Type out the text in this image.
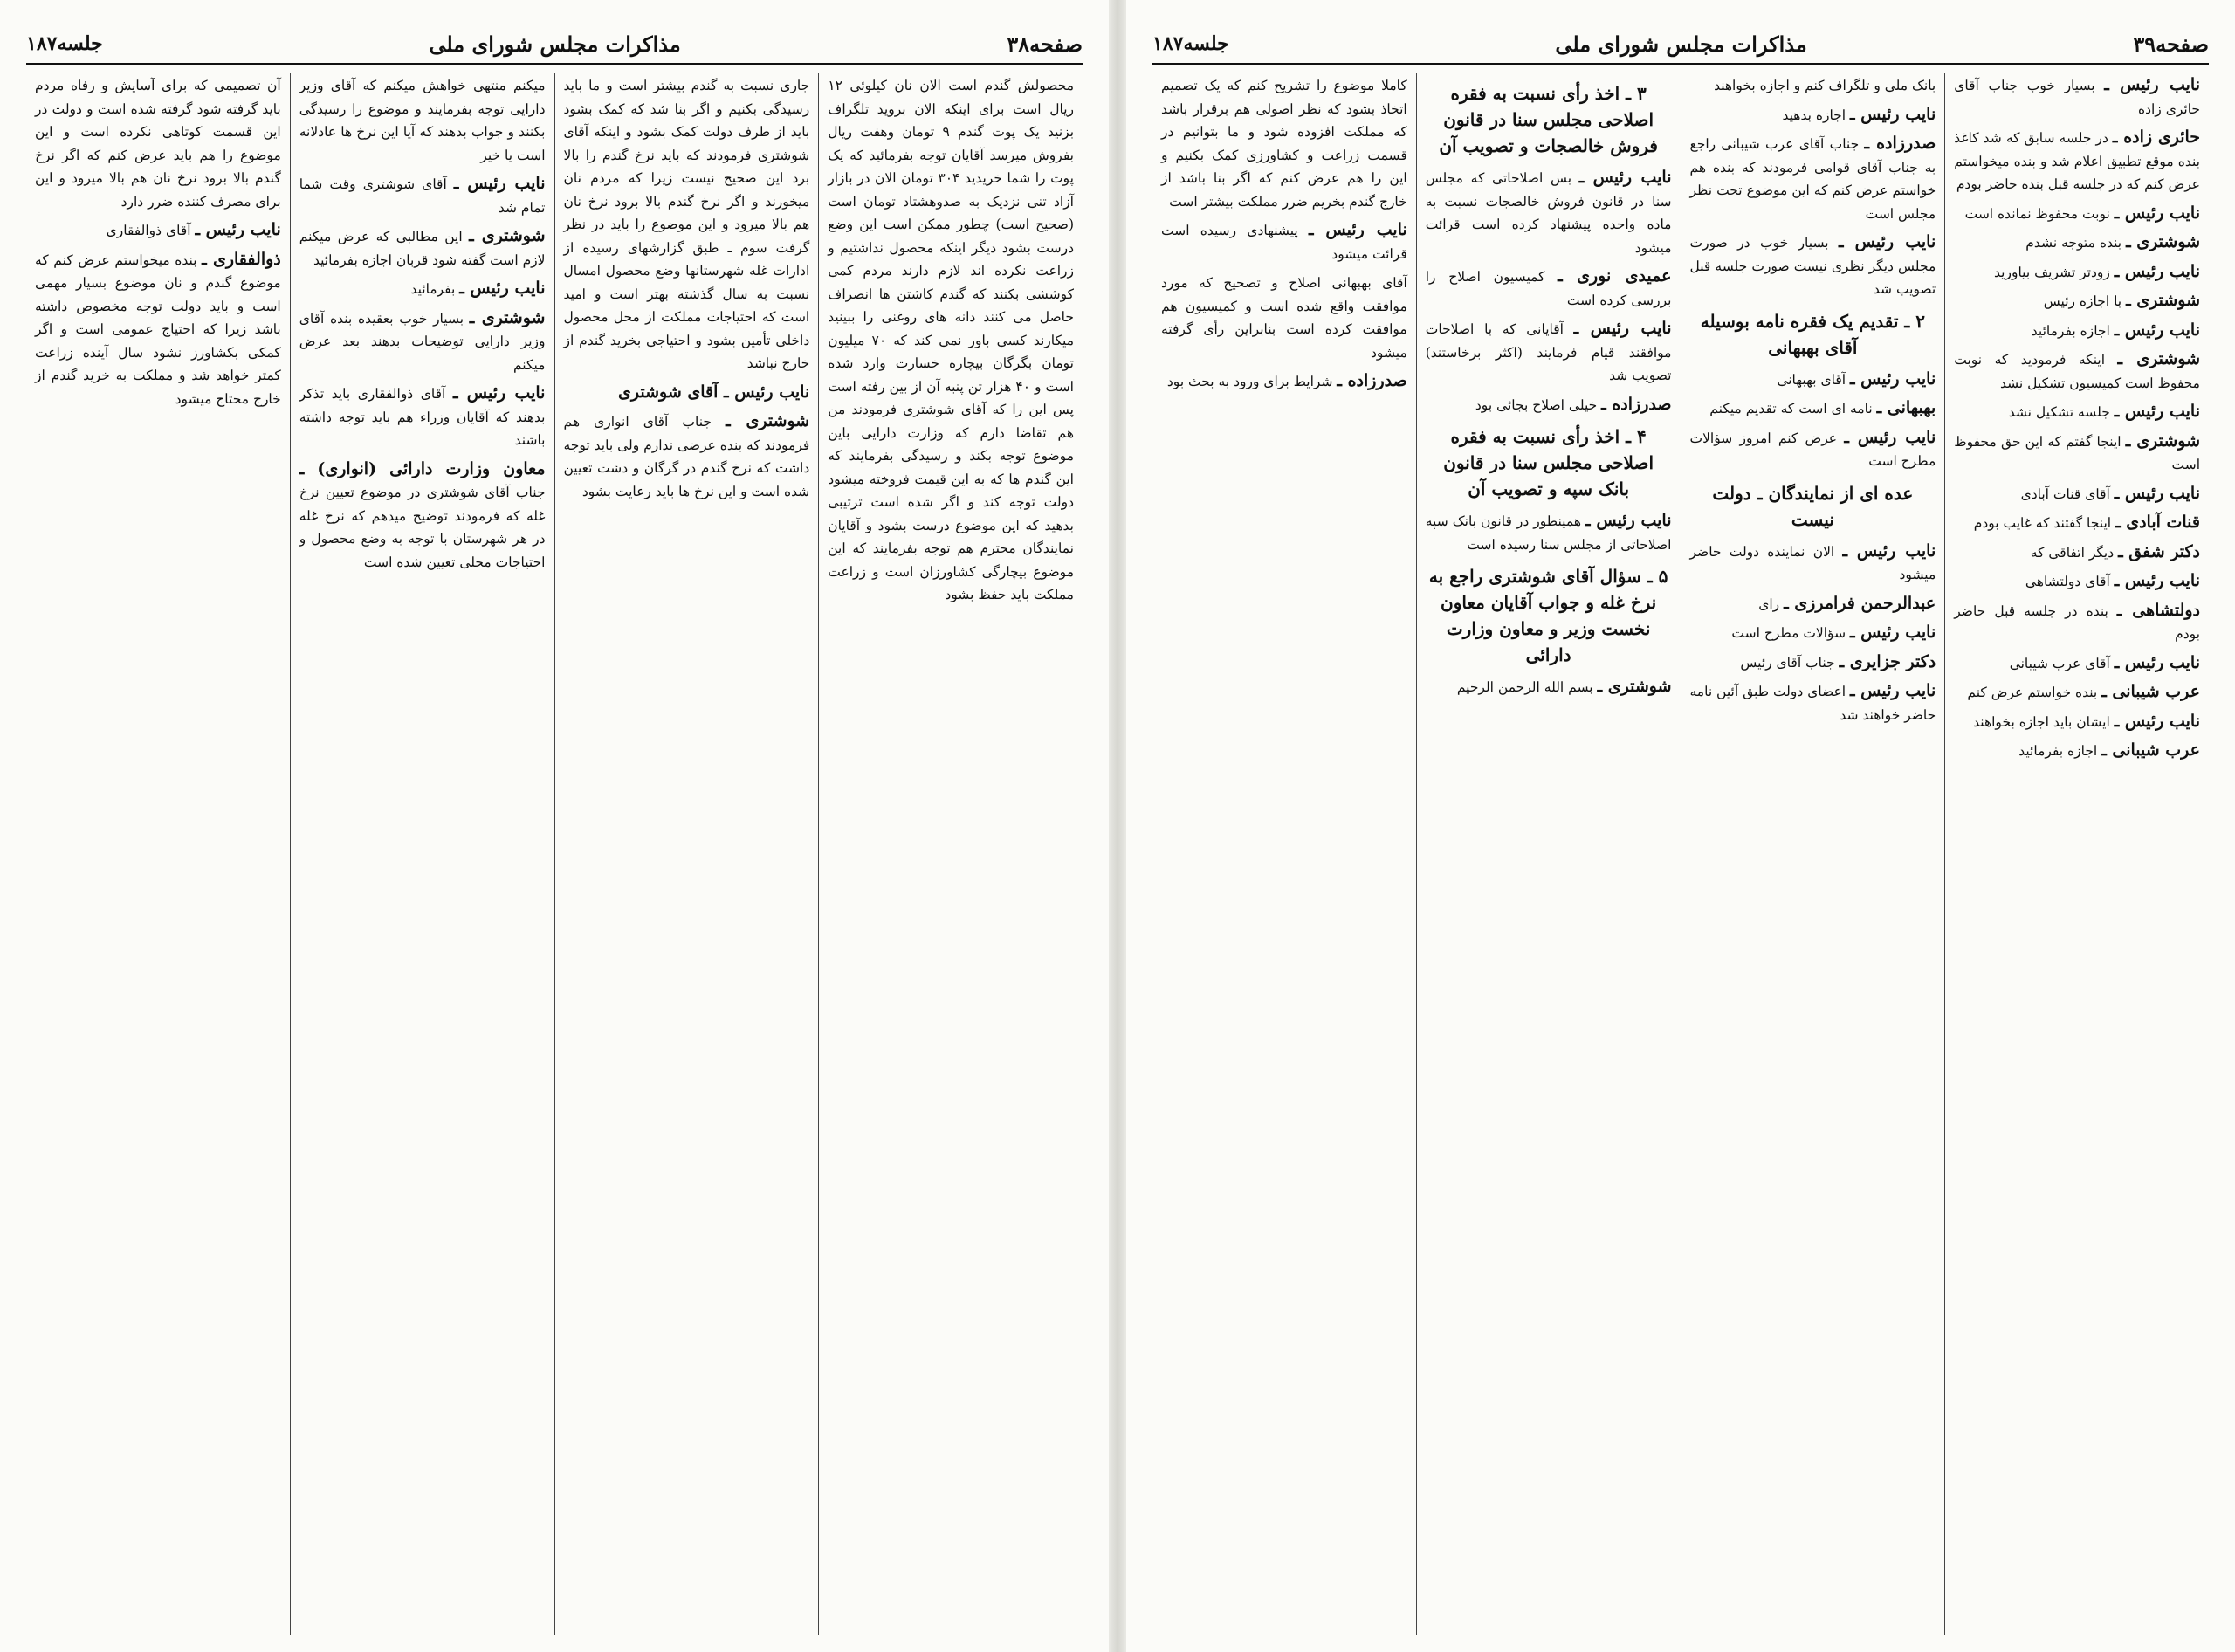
صفحه۳۸
مذاکرات مجلس شورای ملی
جلسه۱۸۷
محصولش گندم است الان نان کیلوئی ۱۲ ریال است برای اینکه الان بروید تلگراف بزنید یک پوت گندم ۹ تومان وهفت ریال بفروش میرسد آقایان توجه بفرمائید که یک پوت را شما خریدید ۳۰۴ تومان الان در بازار آزاد تنی نزدیک به صدوهشتاد تومان است (صحیح است) چطور ممکن است این وضع درست بشود دیگر اینکه محصول نداشتیم و زراعت نکرده اند لازم دارند مردم کمی کوششی بکنند که گندم کاشتن ها انصراف حاصل می کنند دانه های روغنی را ببینید میکارند کسی باور نمی کند که ۷۰ میلیون تومان بگرگان بیچاره خسارت وارد شده است و ۴۰ هزار تن پنبه آن از بین رفته است پس این را که آقای شوشتری فرمودند من هم تقاضا دارم که وزارت دارایی باین موضوع توجه بکند و رسیدگی بفرمایند که این گندم ها که به این قیمت فروخته میشود دولت توجه کند و اگر شده است ترتیبی بدهید که این موضوع درست بشود و آقایان نمایندگان محترم هم توجه بفرمایند که این موضوع بیچارگی کشاورزان است و زراعت مملکت باید حفظ بشود
جاری نسبت به گندم بیشتر است و ما باید رسیدگی بکنیم و اگر بنا شد که کمک بشود باید از طرف دولت کمک بشود و اینکه آقای شوشتری فرمودند که باید نرخ گندم را بالا برد این صحیح نیست زیرا که مردم نان میخورند و اگر نرخ گندم بالا برود نرخ نان هم بالا میرود و این موضوع را باید در نظر گرفت سوم ـ طبق گزارشهای رسیده از ادارات غله شهرستانها وضع محصول امسال نسبت به سال گذشته بهتر است و امید است که احتیاجات مملکت از محل محصول داخلی تأمین بشود و احتیاجی بخرید گندم از خارج نباشد
نایب رئیس ـ آقای شوشتری
شوشتری ـ جناب آقای انواری هم فرمودند که بنده عرضی ندارم ولی باید توجه داشت که نرخ گندم در گرگان و دشت تعیین شده است و این نرخ ها باید رعایت بشود
میکنم منتهی خواهش میکنم که آقای وزیر دارایی توجه بفرمایند و موضوع را رسیدگی بکنند و جواب بدهند که آیا این نرخ ها عادلانه است یا خیر
نایب رئیس ـ آقای شوشتری وقت شما تمام شد
شوشتری ـ این مطالبی که عرض میکنم لازم است گفته شود قربان اجازه بفرمائید
نایب رئیس ـ بفرمائید
شوشتری ـ بسیار خوب بعقیده بنده آقای وزیر دارایی توضیحات بدهند بعد عرض میکنم
نایب رئیس ـ آقای ذوالفقاری باید تذکر بدهند که آقایان وزراء هم باید توجه داشته باشند
معاون وزارت دارائی (انواری) ـ جناب آقای شوشتری در موضوع تعیین نرخ غله که فرمودند توضیح میدهم که نرخ غله در هر شهرستان با توجه به وضع محصول و احتیاجات محلی تعیین شده است
آن تصمیمی که برای آسایش و رفاه مردم باید گرفته شود گرفته شده است و دولت در این قسمت کوتاهی نکرده است و این موضوع را هم باید عرض کنم که اگر نرخ گندم بالا برود نرخ نان هم بالا میرود و این برای مصرف کننده ضرر دارد
نایب رئیس ـ آقای ذوالفقاری
ذوالفقاری ـ بنده میخواستم عرض کنم که موضوع گندم و نان موضوع بسیار مهمی است و باید دولت توجه مخصوص داشته باشد زیرا که احتیاج عمومی است و اگر کمکی بکشاورز نشود سال آینده زراعت کمتر خواهد شد و مملکت به خرید گندم از خارج محتاج میشود
صفحه۳۹
مذاکرات مجلس شورای ملی
جلسه۱۸۷
نایب رئیس ـ بسیار خوب جناب آقای حائری زاده
حائری زاده ـ در جلسه سابق که شد کاغذ بنده موقع تطبیق اعلام شد و بنده میخواستم عرض کنم که در جلسه قبل بنده حاضر بودم
نایب رئیس ـ نوبت محفوظ نمانده است
شوشتری ـ بنده متوجه نشدم
نایب رئیس ـ زودتر تشریف بیاورید
شوشتری ـ با اجازه رئیس
نایب رئیس ـ اجازه بفرمائید
شوشتری ـ اینکه فرمودید که نوبت محفوظ است کمیسیون تشکیل نشد
نایب رئیس ـ جلسه تشکیل نشد
شوشتری ـ اینجا گفتم که این حق محفوظ است
نایب رئیس ـ آقای قنات آبادی
قنات آبادی ـ اینجا گفتند که غایب بودم
دکتر شفق ـ دیگر اتفاقی که
نایب رئیس ـ آقای دولتشاهی
دولتشاهی ـ بنده در جلسه قبل حاضر بودم
نایب رئیس ـ آقای عرب شیبانی
عرب شیبانی ـ بنده خواستم عرض کنم
نایب رئیس ـ ایشان باید اجازه بخواهند
عرب شیبانی ـ اجازه بفرمائید
بانک ملی و تلگراف کنم و اجازه بخواهند
نایب رئیس ـ اجازه بدهید
صدرزاده ـ جناب آقای عرب شیبانی راجع به جناب آقای قوامی فرمودند که بنده هم خواستم عرض کنم که این موضوع تحت نظر مجلس است
نایب رئیس ـ بسیار خوب در صورت مجلس دیگر نظری نیست صورت جلسه قبل تصویب شد
۲ ـ تقدیم یک فقره نامه بوسیله آقای بهبهانی
نایب رئیس ـ آقای بهبهانی
بهبهانی ـ نامه ای است که تقدیم میکنم
نایب رئیس ـ عرض کنم امروز سؤالات مطرح است
عده ای از نمایندگان ـ دولت نیست
نایب رئیس ـ الان نماینده دولت حاضر میشود
عبدالرحمن فرامرزی ـ رای
نایب رئیس ـ سؤالات مطرح است
دکتر جزایری ـ جناب آقای رئیس
نایب رئیس ـ اعضای دولت طبق آئین نامه حاضر خواهند شد
۳ ـ اخذ رأی نسبت به فقره اصلاحی مجلس سنا در قانون فروش خالصجات و تصویب آن
نایب رئیس ـ بس اصلاحاتی که مجلس سنا در قانون فروش خالصجات نسبت به ماده واحده پیشنهاد کرده است قرائت میشود
عمیدی نوری ـ کمیسیون اصلاح را بررسی کرده است
نایب رئیس ـ آقایانی که با اصلاحات موافقند قیام فرمایند (اکثر برخاستند) تصویب شد
صدرزاده ـ خیلی اصلاح بجائی بود
۴ ـ اخذ رأی نسبت به فقره اصلاحی مجلس سنا در قانون بانک سپه و تصویب آن
نایب رئیس ـ همینطور در قانون بانک سپه اصلاحاتی از مجلس سنا رسیده است
۵ ـ سؤال آقای شوشتری راجع به نرخ غله و جواب آقایان معاون نخست وزیر و معاون وزارت دارائی
شوشتری ـ بسم الله الرحمن الرحیم
کاملا موضوع را تشریح کنم که یک تصمیم اتخاذ بشود که نظر اصولی هم برقرار باشد که مملکت افزوده شود و ما بتوانیم در قسمت زراعت و کشاورزی کمک بکنیم و این را هم عرض کنم که اگر بنا باشد از خارج گندم بخریم ضرر مملکت بیشتر است
نایب رئیس ـ پیشنهادی رسیده است قرائت میشود
آقای بهبهانی اصلاح و تصحیح که مورد موافقت واقع شده است و کمیسیون هم موافقت کرده است بنابراین رأی گرفته میشود
صدرزاده ـ شرایط برای ورود به بحث بود
